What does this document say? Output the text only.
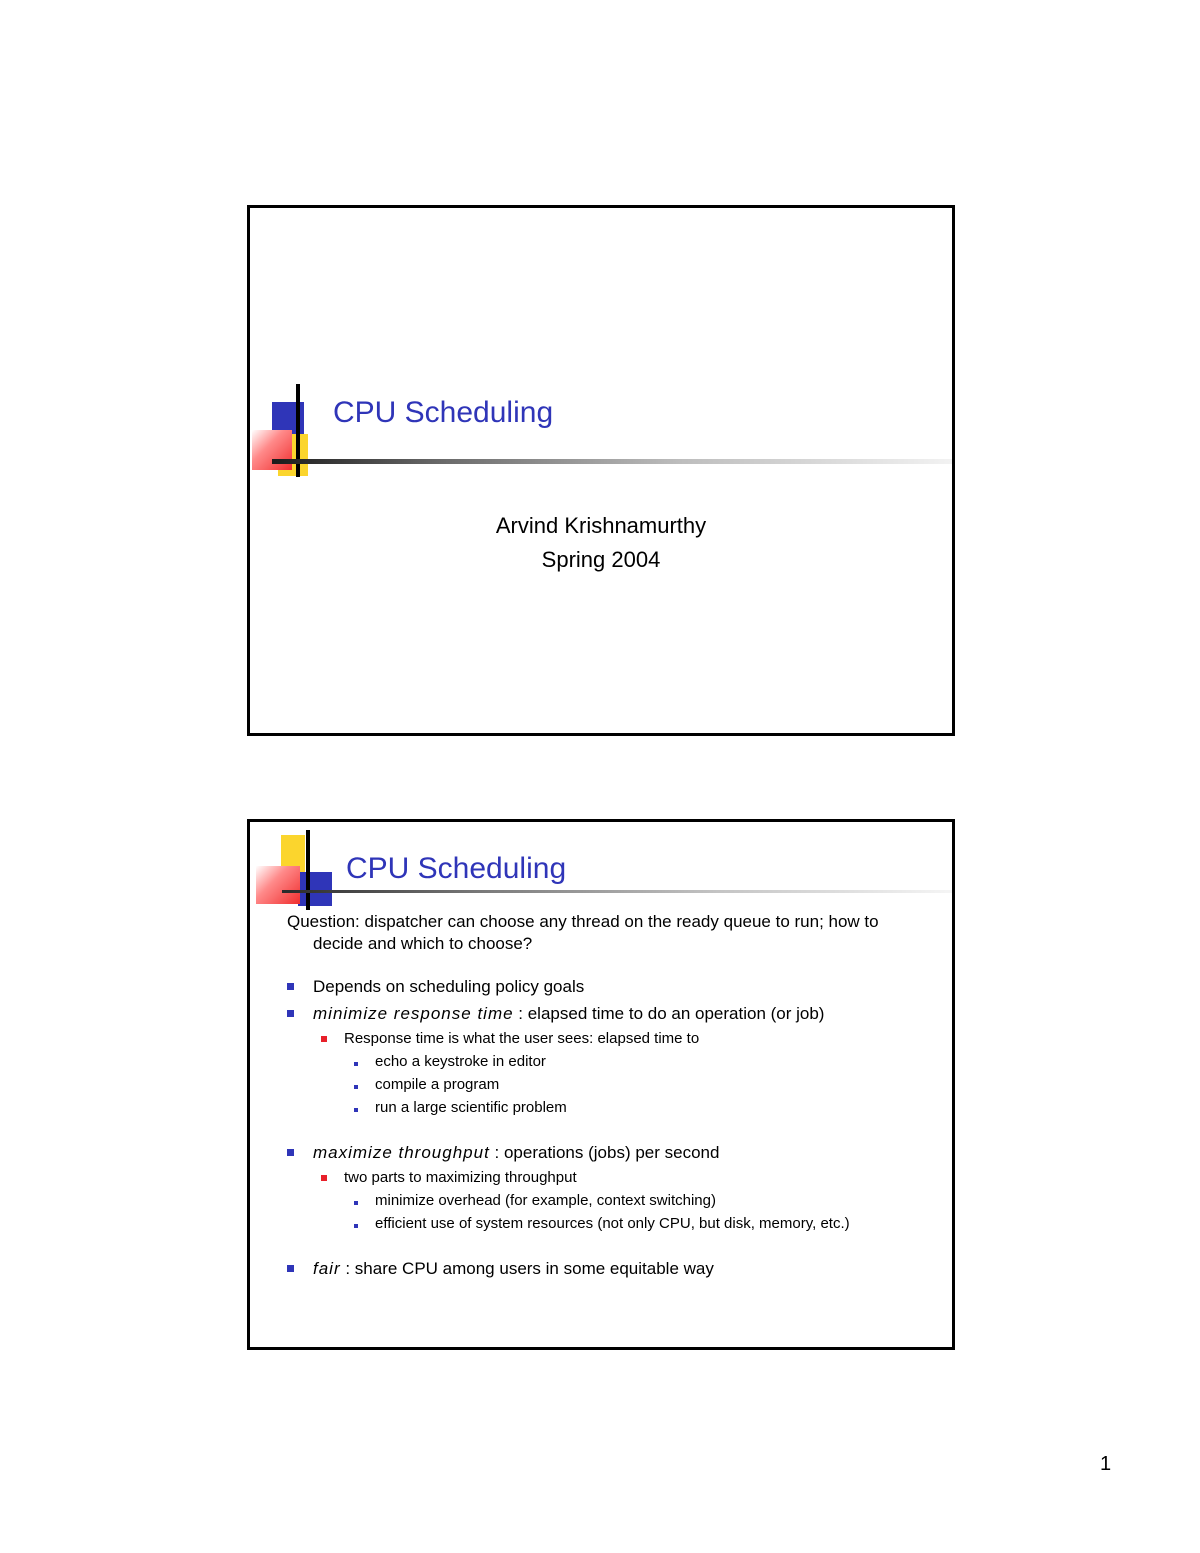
CPU Scheduling
Arvind Krishnamurthy
Spring 2004
CPU Scheduling

Question: dispatcher can choose any thread on the ready queue to run; how to decide and which to choose?

Depends on scheduling policy goals
minimize response time : elapsed time to do an operation (or job)
Response time is what the user sees: elapsed time to
echo a keystroke in editor
compile a program
run a large scientific problem
maximize throughput : operations (jobs) per second
two parts to maximizing throughput
minimize overhead (for example, context switching)
efficient use of system resources (not only CPU, but disk, memory, etc.)
fair : share CPU among users in some equitable way
1
